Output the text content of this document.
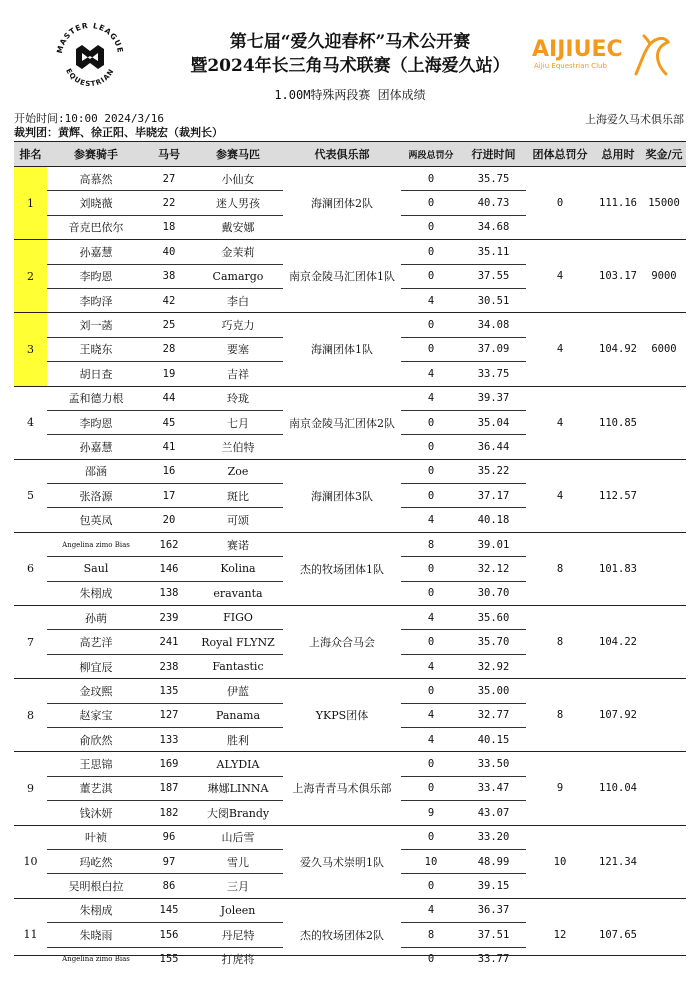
MASTER LEAGUE
EQUESTRIAN
AIJIUEC
AiJiu Equestrian Club
第七届“爱久迎春杯”马术公开赛
暨2024年长三角马术联赛（上海爱久站）
1.00M特殊两段赛 团体成绩
开始时间:10:00 2024/3/16
裁判团：黄辉、徐正阳、毕晓宏（裁判长）
上海爱久马术俱乐部
排名	参赛骑手	马号	参赛马匹	代表俱乐部	两段总罚分	行进时间	团体总罚分	总用时	奖金/元
1	高慕然	27	小仙女	海澜团体2队	0	35.75	0	111.16	15000
	刘晓薇	22	迷人男孩		0	40.73			
	音克巴依尔	18	戴安娜		0	34.68			
2	孙嘉慧	40	金茉莉	南京金陵马汇团体1队	0	35.11	4	103.17	9000
	李昀恩	38	Camargo		0	37.55			
	李昀泽	42	李白		4	30.51			
3	刘一菡	25	巧克力	海澜团体1队	0	34.08	4	104.92	6000
	王晓东	28	要塞		0	37.09			
	胡日查	19	吉祥		4	33.75			
4	孟和德力根	44	玲珑	南京金陵马汇团体2队	4	39.37	4	110.85	
	李昀恩	45	七月		0	35.04			
	孙嘉慧	41	兰伯特		0	36.44			
5	邵涵	16	Zoe	海澜团体3队	0	35.22	4	112.57	
	张洛源	17	斑比		0	37.17			
	包英凤	20	可颂		4	40.18			
6	Angelina zimo Bias	162	赛诺	杰的牧场团体1队	8	39.01	8	101.83	
	Saul	146	Kolina		0	32.12			
	朱栩成	138	eravanta		0	30.70			
7	孙萌	239	FIGO	上海众合马会	4	35.60	8	104.22	
	高艺洋	241	Royal FLYNZ		0	35.70			
	柳宜辰	238	Fantastic		4	32.92			
8	金玟熙	135	伊蓝	YKPS团体	0	35.00	8	107.92	
	赵家宝	127	Panama		4	32.77			
	俞欣然	133	胜利		4	40.15			
9	王思锦	169	ALYDIA	上海青青马术俱乐部	0	33.50	9	110.04	
	董艺淇	187	琳娜LINNA		0	33.47			
	钱沐妍	182	大阌Brandy		9	43.07			
10	叶祯	96	山后雪	爱久马术崇明1队	0	33.20	10	121.34	
	玛屹然	97	雪儿		10	48.99			
	吴明根白拉	86	三月		0	39.15			
11	朱栩成	145	Joleen	杰的牧场团体2队	4	36.37	12	107.65	
	朱晓雨	156	丹尼特		8	37.51			
	Angelina zimo Bias	155	打虎将		0	33.77			
